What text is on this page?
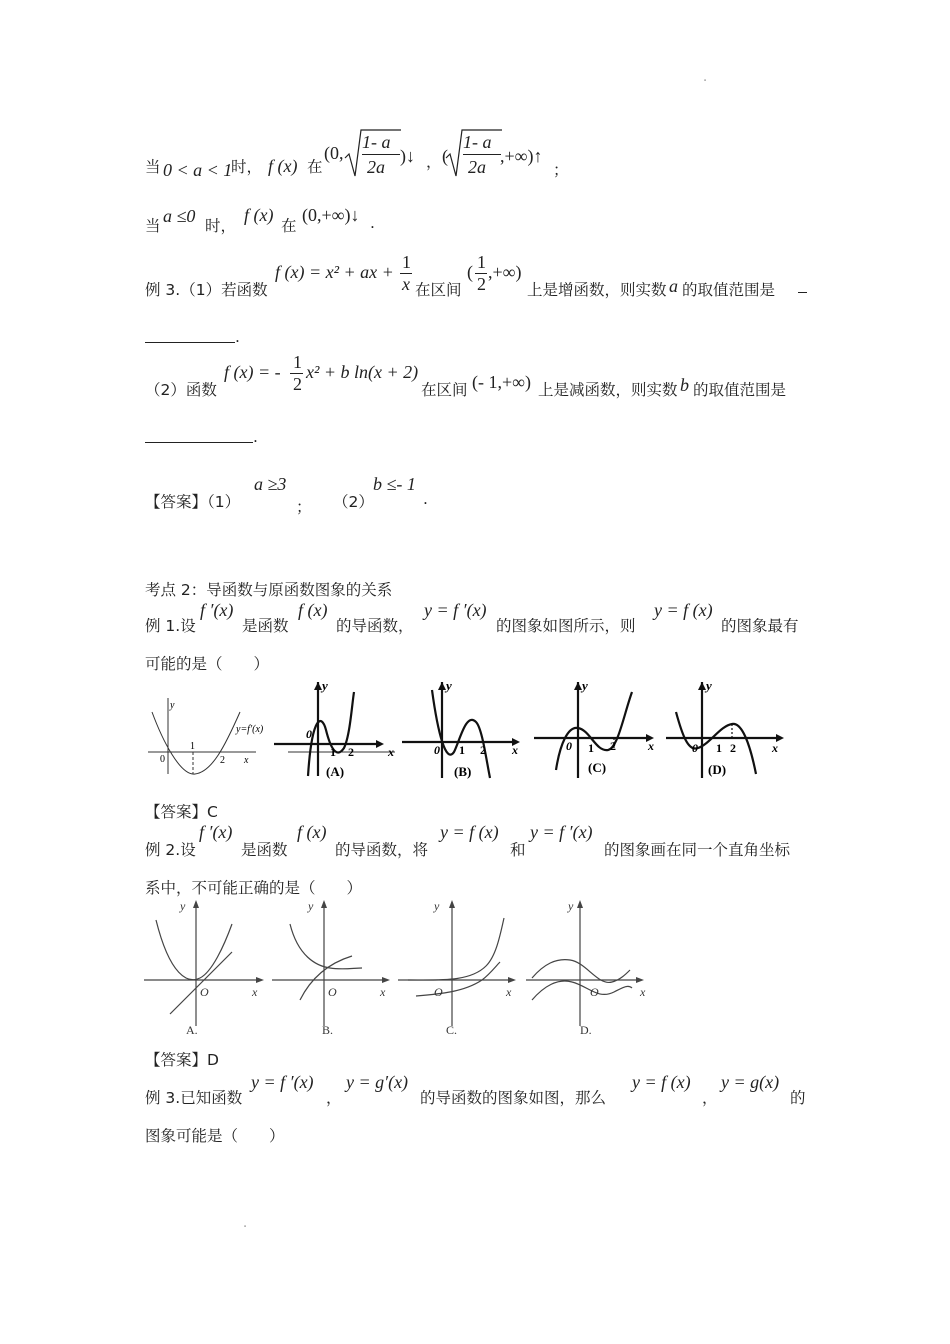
.
当 0 < a < 1
时， f (x) 在
(0,
1- a
2a
)↓ ， (
1- a
2a
,+∞)↑
；
当 a ≤0 时，
f (x)
在
(0,+∞)↓ .
例 3.（1）若函数
f (x) = x² + ax + 1
x 在区间
( 1
2
,+∞)
上是增函数，则实数 a 的取值范围是
.
（2）函数
f (x) = - 1
2
x² + b ln(x + 2)
在区间 (- 1,+∞) 上是减函数，则实数 b 的取值范围是
.
【答案】（1）
a ≥3
； （2）
b ≤- 1
.
考点 2：导函数与原函数图象的关系
例 1.设
f ′(x)
是函数
f (x)
的导函数，
y = f ′(x)
的图象如图所示，则
y = f (x)
的图象最有
可能的是（　　）
y
0
1
2 x
y=f′(x)
y
0
1 2	x
(A)
y
0 1 2 x
(B)
y
0 1 2	x
(C)
y
0 1 2	x
(D)
【答案】C
例 2.设
f ′(x)
是函数
f (x)
的导函数，将
y = f (x)
和
y = f ′(x)
的图象画在同一个直角坐标
系中，不可能正确的是（　　）
y
O	x
y
O	x
y
O	x
y
O	x
A.	B.	C.	D.
【答案】D
例 3.已知函数
y = f ′(x)
，
y = g′(x)
的导函数的图象如图，那么
y = f (x)
，
y = g(x)
的
图象可能是（　　）
.
